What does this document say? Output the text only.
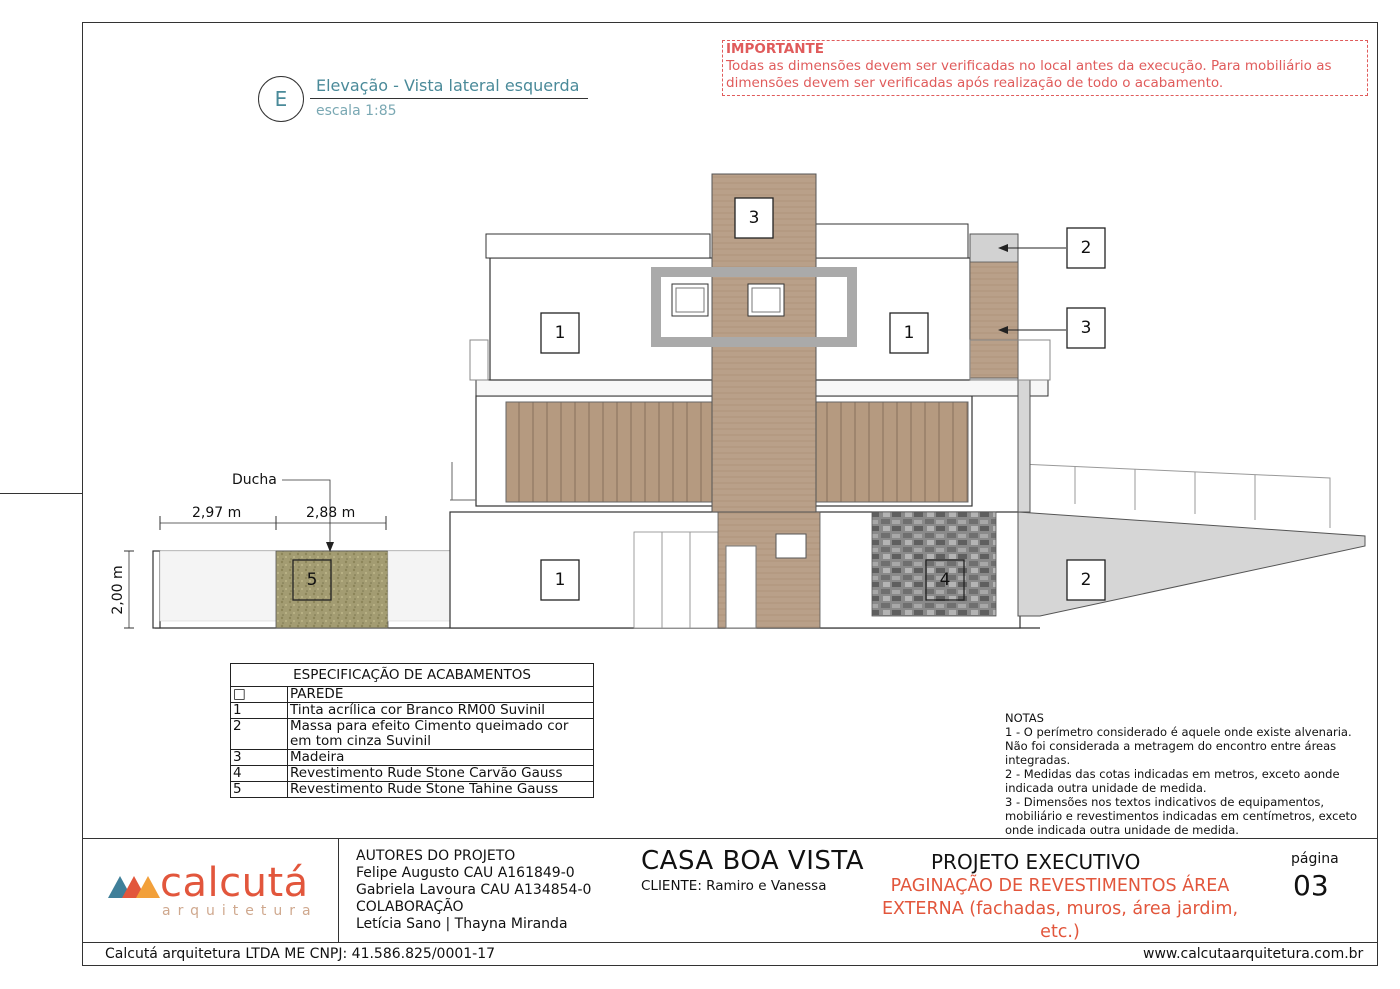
E
Elevação - Vista lateral esquerda
escala 1:85
IMPORTANTE
Todas as dimensões devem ser verificadas no local antes da execução. Para mobiliário as dimensões devem ser verificadas após realização de todo o acabamento.
Ducha
2,97 m	2,88 m
2,00 m
3
2
3
1	1
1	4	2
5
ESPECIFICAÇÃO DE ACABAMENTOS	
□	PAREDE
1	Tinta acrílica cor Branco RM00 Suvinil
2	Massa para efeito Cimento queimado cor em tom cinza Suvinil
3	Madeira
4	Revestimento Rude Stone Carvão Gauss
5	Revestimento Rude Stone Tahine Gauss
NOTAS
1 - O perímetro considerado é aquele onde existe alvenaria. Não foi considerada a metragem do encontro entre áreas integradas.
2 - Medidas das cotas indicadas em metros, exceto aonde indicada outra unidade de medida.
3 - Dimensões nos textos indicativos de equipamentos, mobiliário e revestimentos indicadas em centímetros, exceto onde indicada outra unidade de medida.
calcutá
arquitetura
AUTORES DO PROJETO
Felipe Augusto CAU A161849-0
Gabriela Lavoura CAU A134854-0
COLABORAÇÃO
Letícia Sano | Thayna Miranda
CASA BOA VISTA
CLIENTE: Ramiro e Vanessa
PROJETO EXECUTIVO
PAGINAÇÃO DE REVESTIMENTOS ÁREA EXTERNA (fachadas, muros, área jardim, etc.)
página
03
Calcutá arquitetura LTDA ME CNPJ: 41.586.825/0001-17	www.calcutaarquitetura.com.br
